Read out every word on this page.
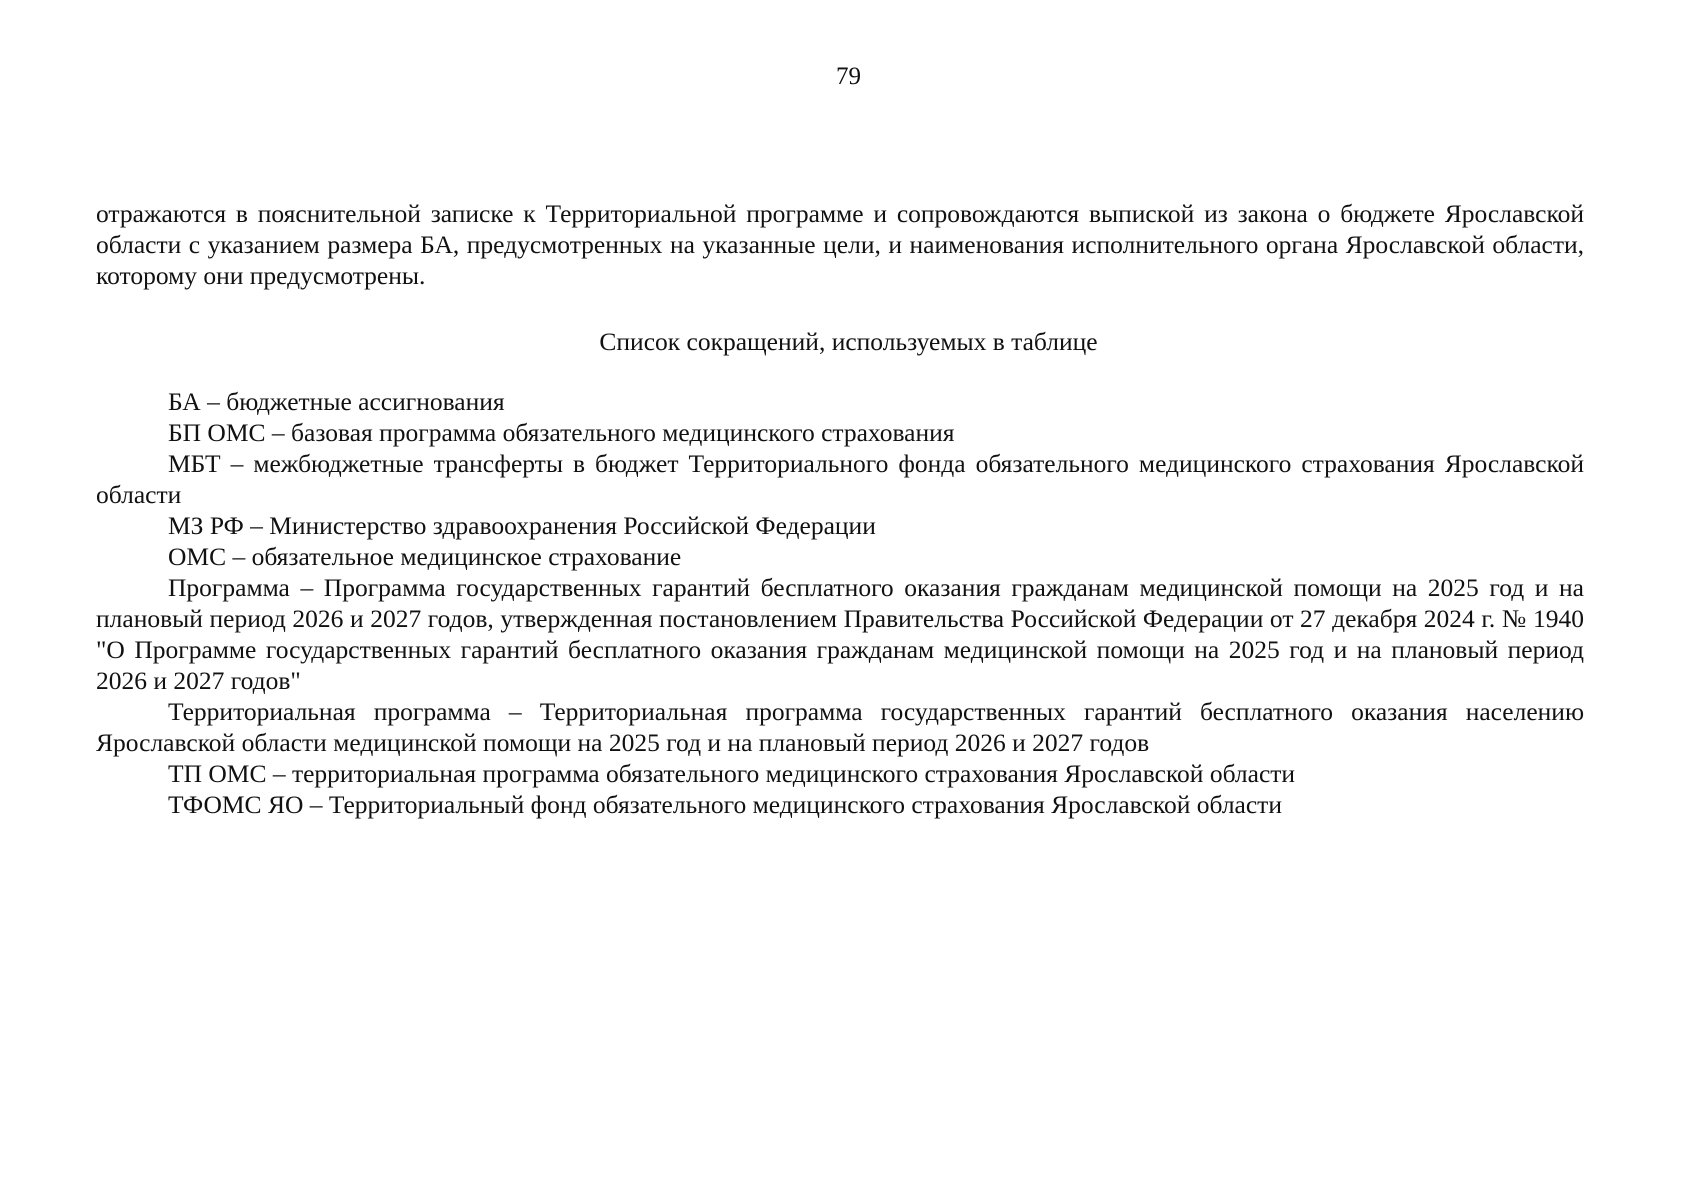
79

отражаются в пояснительной записке к Территориальной программе и сопровождаются выпиской из закона о бюджете Ярославской области с указанием размера БА, предусмотренных на указанные цели, и наименования исполнительного органа Ярославской области, которому они предусмотрены.

Список сокращений, используемых в таблице

БА – бюджетные ассигнования
БП ОМС – базовая программа обязательного медицинского страхования
МБТ – межбюджетные трансферты в бюджет Территориального фонда обязательного медицинского страхования Ярославской области
МЗ РФ – Министерство здравоохранения Российской Федерации
ОМС – обязательное медицинское страхование
Программа – Программа государственных гарантий бесплатного оказания гражданам медицинской помощи на 2025 год и на плановый период 2026 и 2027 годов, утвержденная постановлением Правительства Российской Федерации от 27 декабря 2024 г. № 1940 "О Программе государственных гарантий бесплатного оказания гражданам медицинской помощи на 2025 год и на плановый период 2026 и 2027 годов"
Территориальная программа – Территориальная программа государственных гарантий бесплатного оказания населению Ярославской области медицинской помощи на 2025 год и на плановый период 2026 и 2027 годов
ТП ОМС – территориальная программа обязательного медицинского страхования Ярославской области
ТФОМС ЯО – Территориальный фонд обязательного медицинского страхования Ярославской области
